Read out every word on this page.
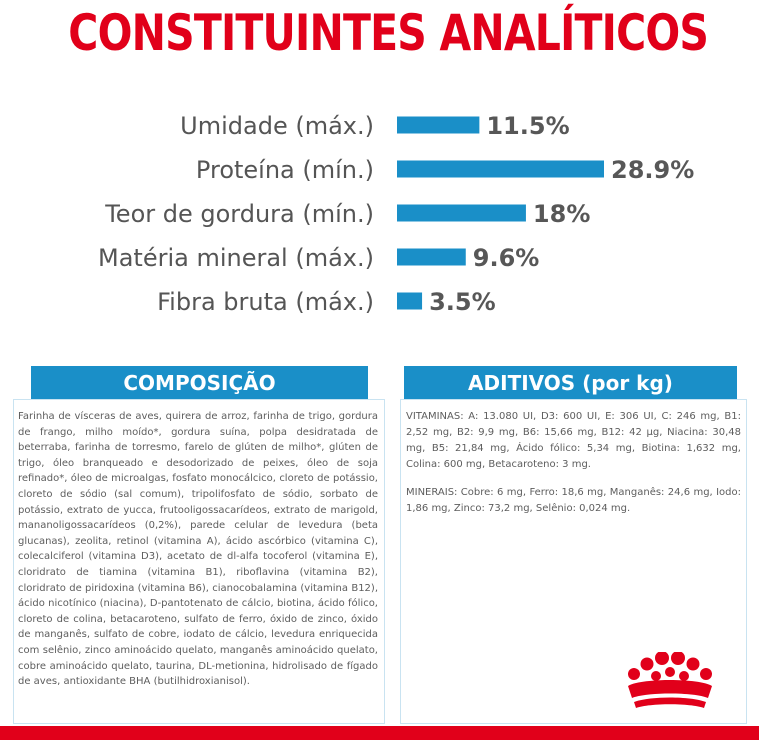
CONSTITUINTES ANALÍTICOS
Umidade (máx.)	11.5%
Proteína (mín.)	28.9%
Teor de gordura (mín.)	18%
Matéria mineral (máx.)	9.6%
Fibra bruta (máx.) 3.5%
COMPOSIÇÃO

Farinha de vísceras de aves, quirera de arroz, farinha de trigo, gordura de frango, milho moído*, gordura suína, polpa desidratada de beterraba, farinha de torresmo, farelo de glúten de milho*, glúten de trigo, óleo branqueado e desodorizado de peixes, óleo de soja refinado*, óleo de microalgas, fosfato monocálcico, cloreto de potássio, cloreto de sódio (sal comum), tripolifosfato de sódio, sorbato de potássio, extrato de yucca, frutooligossacarídeos, extrato de marigold, mananoligossacarídeos (0,2%), parede celular de levedura (beta glucanas), zeolita, retinol (vitamina A), ácido ascórbico (vitamina C), colecalciferol (vitamina D3), acetato de dl-alfa tocoferol (vitamina E), cloridrato de tiamina (vitamina B1), riboflavina (vitamina B2), cloridrato de piridoxina (vitamina B6), cianocobalamina (vitamina B12), ácido nicotínico (niacina), D-pantotenato de cálcio, biotina, ácido fólico, cloreto de colina, betacaroteno, sulfato de ferro, óxido de zinco, óxido de manganês, sulfato de cobre, iodato de cálcio, levedura enriquecida com selênio, zinco aminoácido quelato, manganês aminoácido quelato, cobre aminoácido quelato, taurina, DL-metionina, hidrolisado de fígado de aves, antioxidante BHA (butilhidroxianisol).

ADITIVOS (por kg)

VITAMINAS: A: 13.080 UI, D3: 600 UI, E: 306 UI, C: 246 mg, B1: 2,52 mg, B2: 9,9 mg, B6: 15,66 mg, B12: 42 µg, Niacina: 30,48 mg, B5: 21,84 mg, Ácido fólico: 5,34 mg, Biotina: 1,632 mg, Colina: 600 mg, Betacaroteno: 3 mg.

MINERAIS: Cobre: 6 mg, Ferro: 18,6 mg, Manganês: 24,6 mg, Iodo: 1,86 mg, Zinco: 73,2 mg, Selênio: 0,024 mg.
